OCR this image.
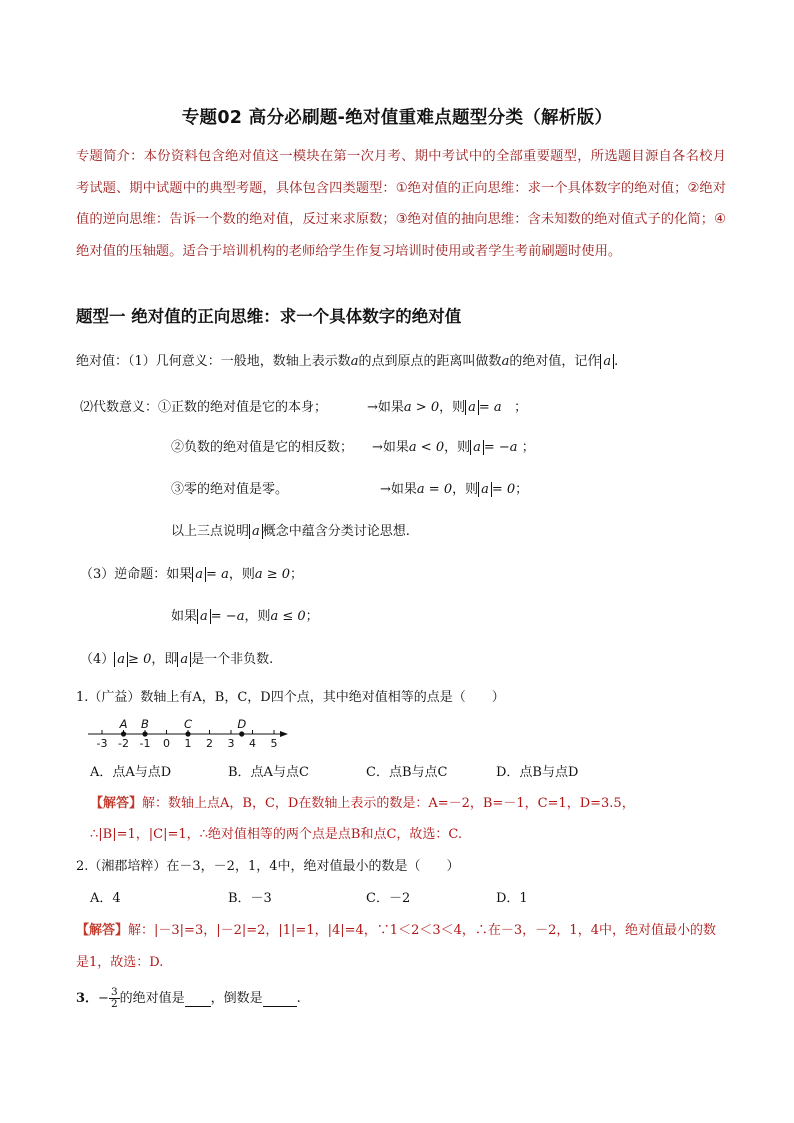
专题02 高分必刷题-绝对值重难点题型分类（解析版）
专题简介：本份资料包含绝对值这一模块在第一次月考、期中考试中的全部重要题型，所选题目源自各名校月考试题、期中试题中的典型考题，具体包含四类题型：①绝对值的正向思维：求一个具体数字的绝对值；②绝对值的逆向思维：告诉一个数的绝对值，反过来求原数；③绝对值的抽向思维：含未知数的绝对值式子的化简；④绝对值的压轴题。适合于培训机构的老师给学生作复习培训时使用或者学生考前刷题时使用。
题型一 绝对值的正向思维：求一个具体数字的绝对值
绝对值：（1）几何意义：一般地，数轴上表示数a的点到原点的距离叫做数a的绝对值，记作 a .
⑵代数意义：①正数的绝对值是它的本身；	→如果a > 0，则 a = a ；
②负数的绝对值是它的相反数； →如果a < 0，则 a = −a ；
③零的绝对值是零。	→如果a = 0，则 a = 0；
以上三点说明 a 概念中蕴含分类讨论思想.
（3）逆命题：如果 a = a，则a ≥ 0；
如果 a = −a，则a ≤ 0；
（4） a ≥ 0，即 a 是一个非负数.
1.（广益）数轴上有A，B，C，D四个点，其中绝对值相等的点是（　　）
-3 -2 -1 0 1 2 3 4 5
A B	C	D
A．点A与点D	B．点A与点C	C．点B与点C	D．点B与点D
【解答】解：数轴上点A，B，C，D在数轴上表示的数是：A=－2，B=－1，C=1，D=3.5，
∴|B|=1，|C|=1，∴绝对值相等的两个点是点B和点C，故选：C.
2.（湘郡培粹）在－3，－2，1，4中，绝对值最小的数是（　　）
A．4	B．－3	C．－2	D．1
【解答】解：|－3|=3，|－2|=2，|1|=1，|4|=4，∵1＜2＜3＜4，∴在－3，－2，1，4中，绝对值最小的数
是1，故选：D.
3．− $\frac{3}{2}$ 的绝对值是 ，倒数是	.
